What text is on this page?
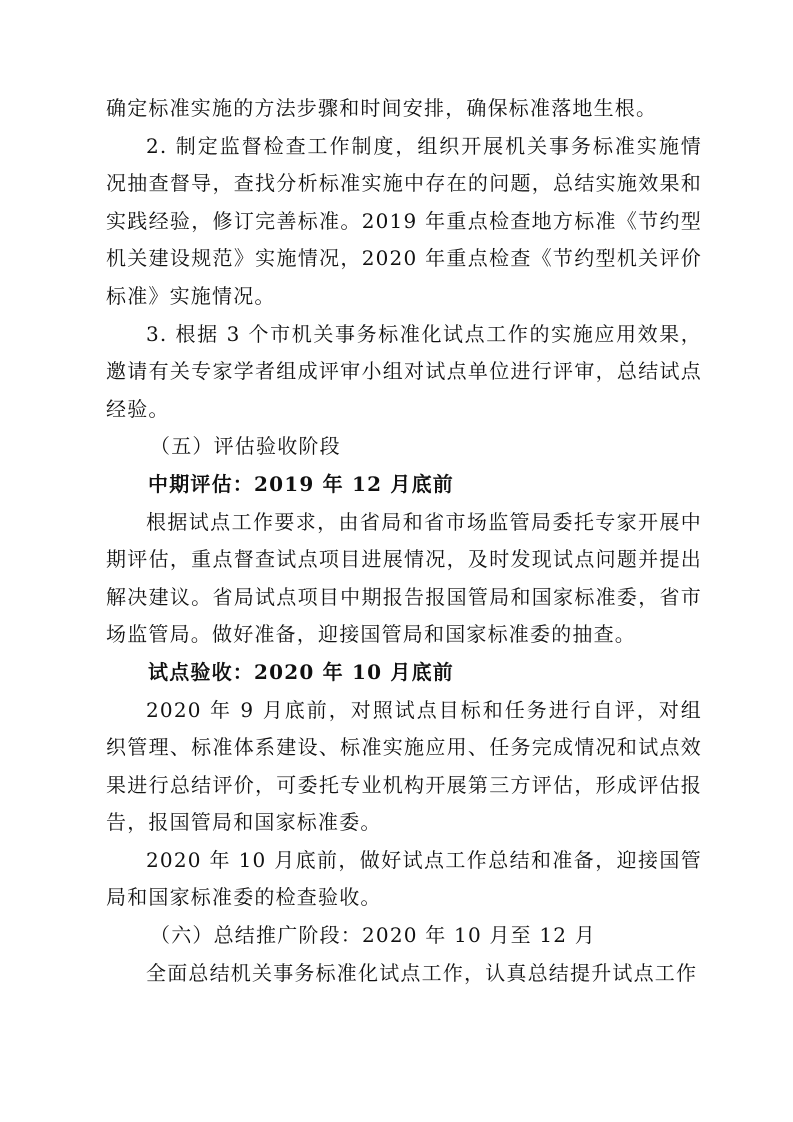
确定标准实施的方法步骤和时间安排，确保标准落地生根。

2. 制定监督检查工作制度，组织开展机关事务标准实施情况抽查督导，查找分析标准实施中存在的问题，总结实施效果和实践经验，修订完善标准。2019 年重点检查地方标准《节约型机关建设规范》实施情况，2020 年重点检查《节约型机关评价标准》实施情况。

3. 根据 3 个市机关事务标准化试点工作的实施应用效果，邀请有关专家学者组成评审小组对试点单位进行评审，总结试点经验。

（五）评估验收阶段

中期评估：2019 年 12 月底前

根据试点工作要求，由省局和省市场监管局委托专家开展中期评估，重点督查试点项目进展情况，及时发现试点问题并提出解决建议。省局试点项目中期报告报国管局和国家标准委，省市场监管局。做好准备，迎接国管局和国家标准委的抽查。

试点验收：2020 年 10 月底前

2020 年 9 月底前，对照试点目标和任务进行自评，对组织管理、标准体系建设、标准实施应用、任务完成情况和试点效果进行总结评价，可委托专业机构开展第三方评估，形成评估报告，报国管局和国家标准委。

2020 年 10 月底前，做好试点工作总结和准备，迎接国管局和国家标准委的检查验收。

（六）总结推广阶段：2020 年 10 月至 12 月

全面总结机关事务标准化试点工作，认真总结提升试点工作
